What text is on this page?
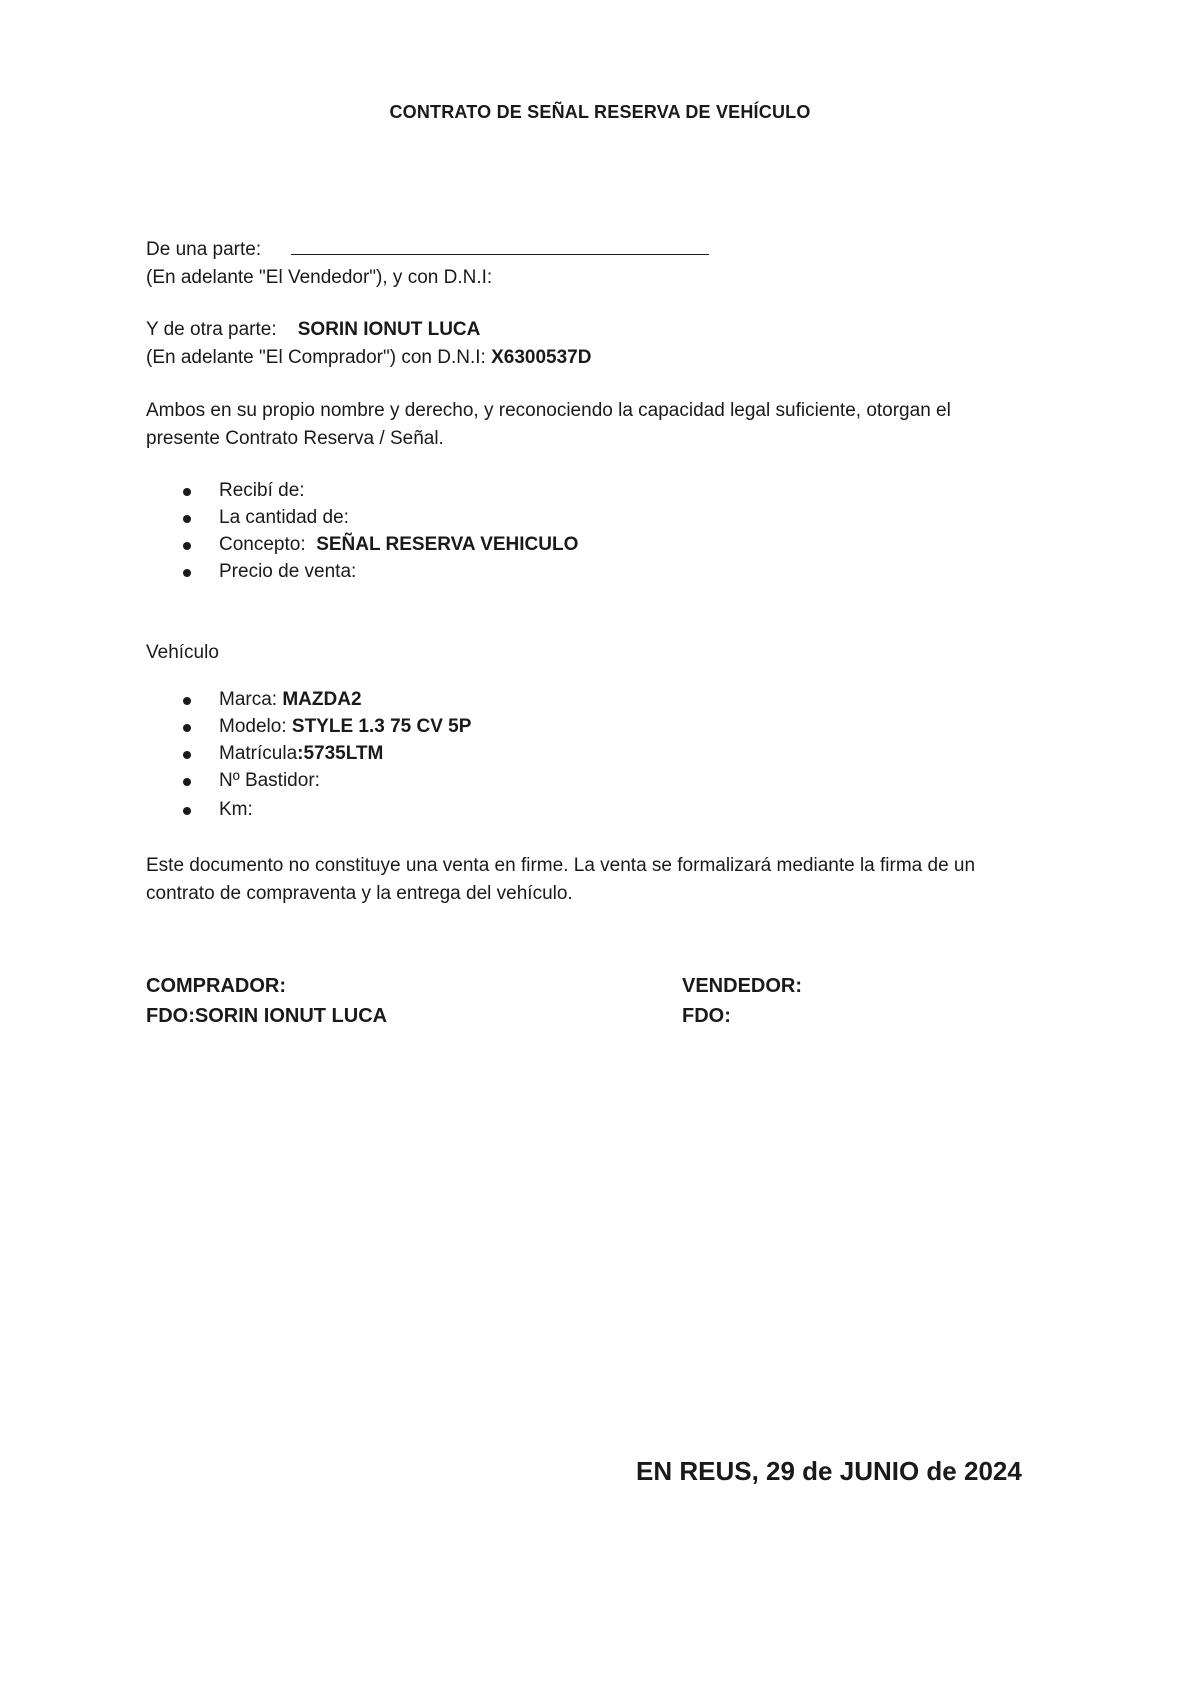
CONTRATO DE SEÑAL RESERVA DE VEHÍCULO
De una parte:
(En adelante "El Vendedor"), y con D.N.I:
Y de otra parte: SORIN IONUT LUCA
(En adelante "El Comprador") con D.N.I: X6300537D
Ambos en su propio nombre y derecho, y reconociendo la capacidad legal suficiente, otorgan el
presente Contrato Reserva / Señal.
Recibí de:
La cantidad de:
Concepto: SEÑAL RESERVA VEHICULO
Precio de venta:
Vehículo
Marca: MAZDA2
Modelo: STYLE 1.3 75 CV 5P
Matrícula:5735LTM
Nº Bastidor:
Km:
Este documento no constituye una venta en firme. La venta se formalizará mediante la firma de un
contrato de compraventa y la entrega del vehículo.
COMPRADOR:
FDO:SORIN IONUT LUCA
VENDEDOR:
FDO:
EN REUS, 29 de JUNIO de 2024
